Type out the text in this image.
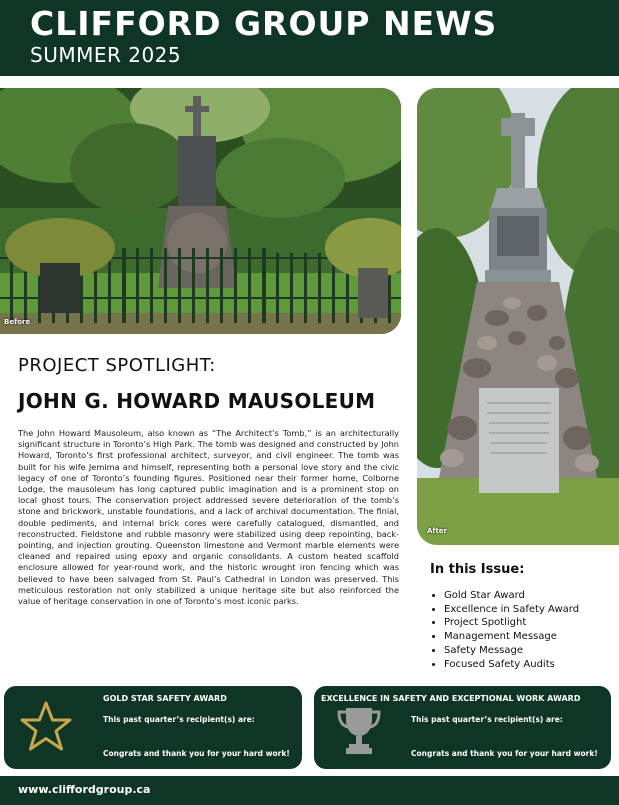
CLIFFORD GROUP NEWS
SUMMER 2025
Before
After
PROJECT SPOTLIGHT:
JOHN G. HOWARD MAUSOLEUM

The John Howard Mausoleum, also known as “The Architect’s Tomb,” is an architecturally significant structure in Toronto’s High Park. The tomb was designed and constructed by John Howard, Toronto’s first professional architect, surveyor, and civil engineer. The tomb was built for his wife Jemima and himself, representing both a personal love story and the civic legacy of one of Toronto’s founding figures. Positioned near their former home, Colborne Lodge, the mausoleum has long captured public imagination and is a prominent stop on local ghost tours. The conservation project addressed severe deterioration of the tomb’s stone and brickwork, unstable foundations, and a lack of archival documentation. The finial, double pediments, and internal brick cores were carefully catalogued, dismantled, and reconstructed. Fieldstone and rubble masonry were stabilized using deep repointing, back-pointing, and injection grouting. Queenston limestone and Vermont marble elements were cleaned and repaired using epoxy and organic consolidants. A custom heated scaffold enclosure allowed for year-round work, and the historic wrought iron fencing which was believed to have been salvaged from St. Paul’s Cathedral in London was preserved. This meticulous restoration not only stabilized a unique heritage site but also reinforced the value of heritage conservation in one of Toronto’s most iconic parks.

In this Issue:

• Gold Star Award
• Excellence in Safety Award
• Project Spotlight
• Management Message
• Safety Message
• Focused Safety Audits
GOLD STAR SAFETY AWARD
This past quarter’s recipient(s) are:
Congrats and thank you for your hard work!
EXCELLENCE IN SAFETY AND EXCEPTIONAL WORK AWARD
This past quarter’s recipient(s) are:
Congrats and thank you for your hard work!
www.cliffordgroup.ca
